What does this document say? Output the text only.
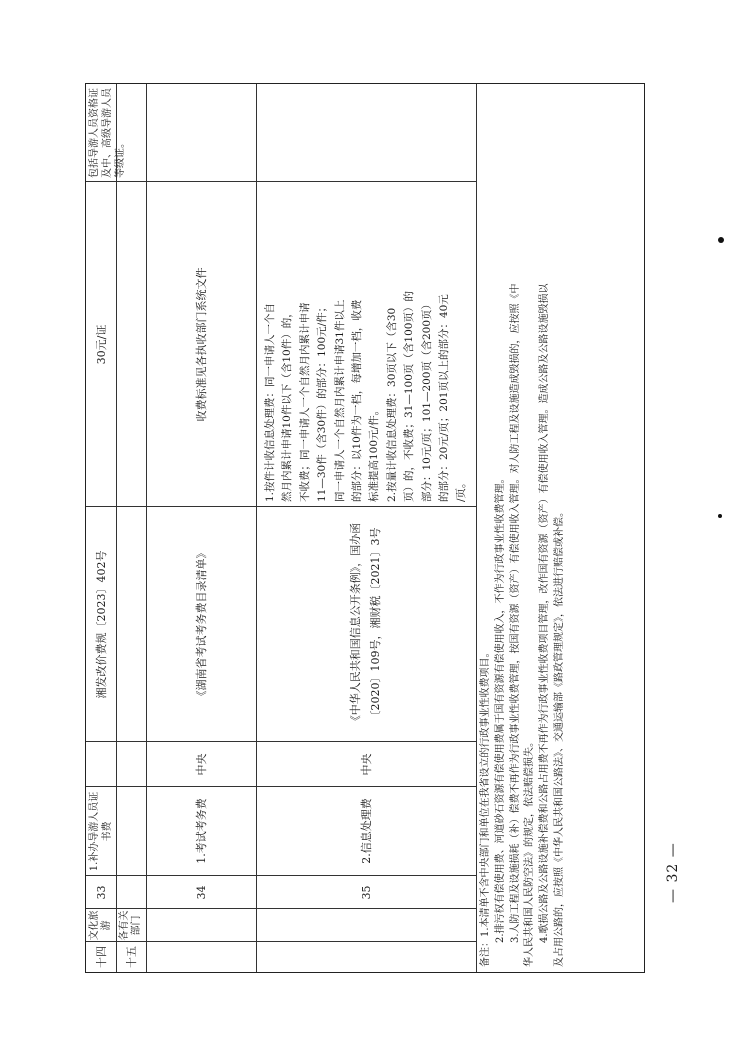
十四
文化旅游
33
1.补办导游人员证书费
湘发改价费规〔2023〕402号
30元/证
包括导游人员资格证及中、高级导游人员等级证。
十五
各有关部门
34
1.考试考务费
中央
《湖南省考试考务费目录清单》
收费标准见各执收部门系统文件
35
2.信息处理费
中央
《中华人民共和国信息公开条例》，国办函〔2020〕109号，湘财税〔2021〕3号
1.按件计收信息处理费：同一申请人一个自 然月内累计申请10件以下（含10件）的， 不收费；同一申请人一个自然月内累计申请 11—30件（含30件）的部分：100元/件； 同一申请人一个自然月内累计申请31件以上 的部分：以10件为一档，每增加一档，收费 标准提高100元/件。 2.按量计收信息处理费：30页以下（含30 页）的，不收费；31—100页（含100页）的 部分：10元/页；101—200页（含200页） 的部分：20元/页；201页以上的部分：40元 /页。
备注：1.本清单不含中央部门和单位在我省设立的行政事业性收费项目。 2.排污权有偿使用费、河道砂石资源有偿使用费属于国有资源有偿使用收入，不作为行政事业性收费管理。 3.人防工程及设施损耗（补）偿费不再作为行政事业性收费管理，按国有资源（资产）有偿使用收入管理。对人防工程及设施造成毁损的，应按照《中 华人民共和国人民防空法》的规定，依法赔偿损失。 4.歌损公路及公路设施补偿费和公路占用费不再作为行政事业性收费项目管理，改作国有资源（资产）有偿使用收入管理。造成公路及公路设施毁损以 及占用公路的，应按照《中华人民共和国公路法》、交通运输部《路政管理规定》，依法进行赔偿或补偿。	— 32 —
